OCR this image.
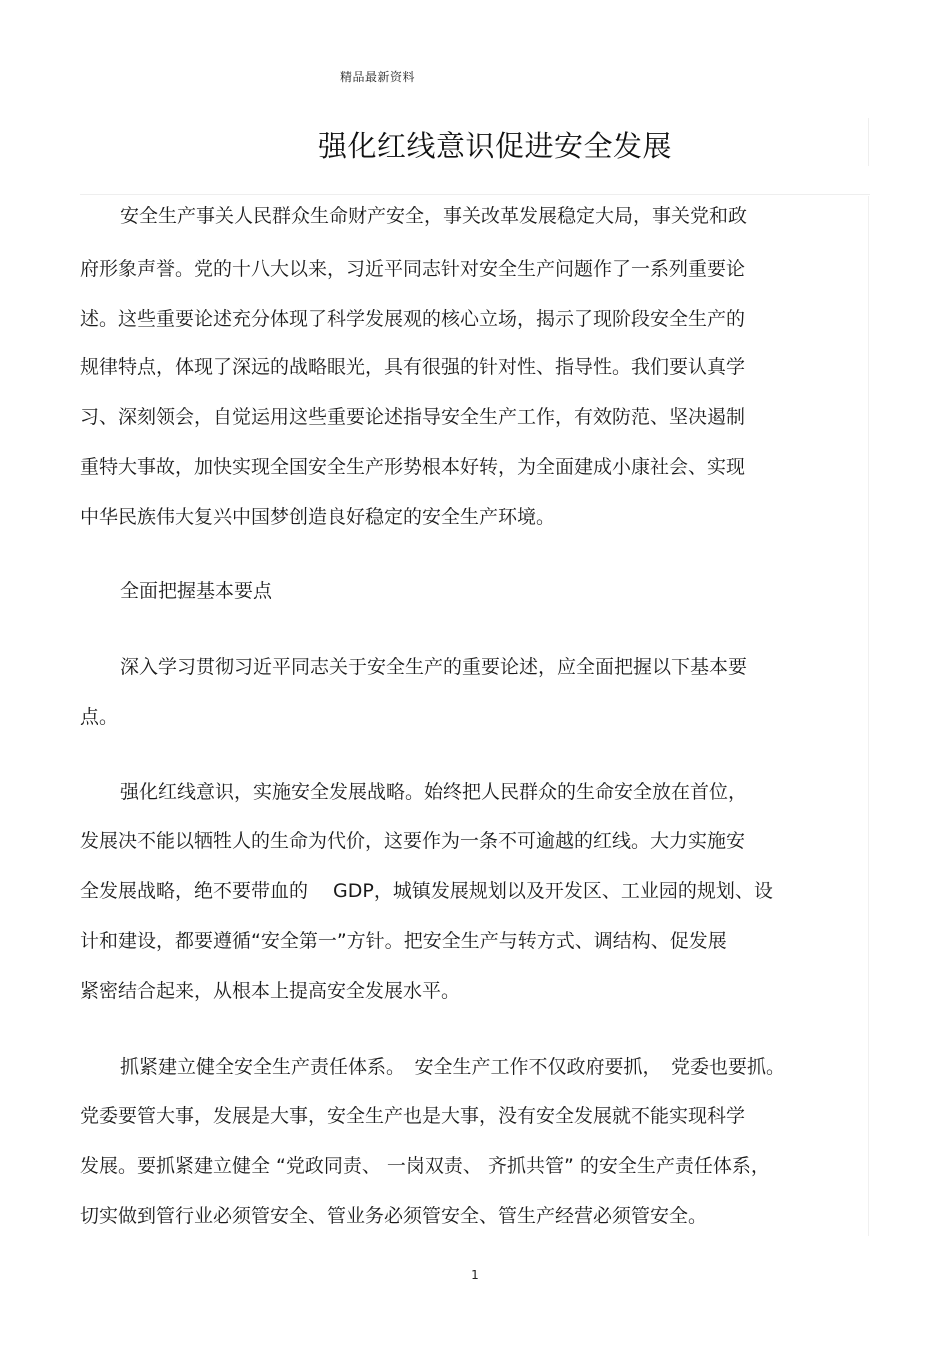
精品最新资料
强化红线意识促进安全发展
安全生产事关人民群众生命财产安全，事关改革发展稳定大局，事关党和政
府形象声誉。党的十八大以来，习近平同志针对安全生产问题作了一系列重要论
述。这些重要论述充分体现了科学发展观的核心立场，揭示了现阶段安全生产的
规律特点，体现了深远的战略眼光，具有很强的针对性、指导性。我们要认真学
习、深刻领会，自觉运用这些重要论述指导安全生产工作，有效防范、坚决遏制
重特大事故，加快实现全国安全生产形势根本好转，为全面建成小康社会、实现
中华民族伟大复兴中国梦创造良好稳定的安全生产环境。
全面把握基本要点
深入学习贯彻习近平同志关于安全生产的重要论述，应全面把握以下基本要
点。
强化红线意识，实施安全发展战略。始终把人民群众的生命安全放在首位，
发展决不能以牺牲人的生命为代价，这要作为一条不可逾越的红线。大力实施安
全发展战略，绝不要带血的　 GDP，城镇发展规划以及开发区、工业园的规划、设
计和建设，都要遵循“安全第一”方针。把安全生产与转方式、调结构、促发展
紧密结合起来，从根本上提高安全发展水平。
抓紧建立健全安全生产责任体系。　安全生产工作不仅政府要抓，　党委也要抓。
党委要管大事，发展是大事，安全生产也是大事，没有安全发展就不能实现科学
发展。要抓紧建立健全 “党政同责、 一岗双责、 齐抓共管” 的安全生产责任体系，
切实做到管行业必须管安全、管业务必须管安全、管生产经营必须管安全。
1
